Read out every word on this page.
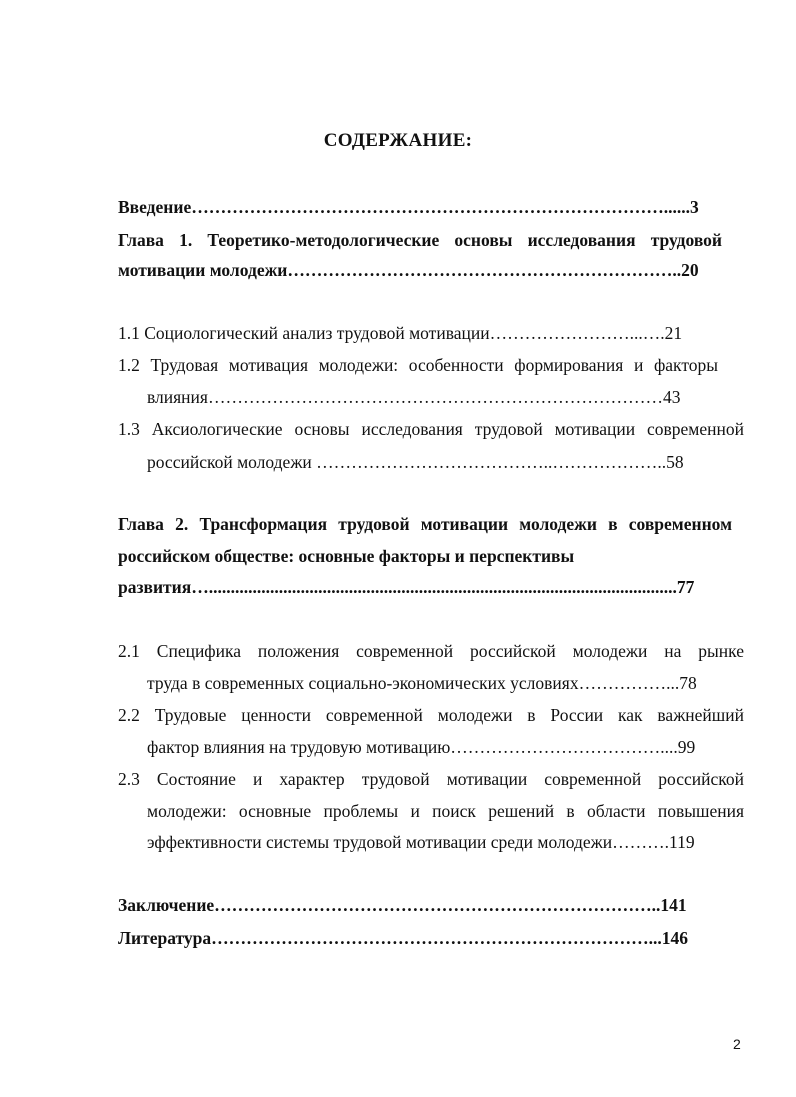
СОДЕРЖАНИЕ:
Введение………………………………………………………………………......3
Глава 1. Теоретико-методологические основы исследования трудовой
мотивации молодежи…………………………………………………………..20
1.1 Социологический анализ трудовой мотивации……………………...….21
1.2 Трудовая мотивация молодежи: особенности формирования и факторы
влияния……………………………………………………………………43
1.3 Аксиологические основы исследования трудовой мотивации современной
российской молодежи …………………………………..………………..58
Глава 2. Трансформация трудовой мотивации молодежи в современном
российском обществе: основные факторы и перспективы
развития…...........................................................................................................77
2.1 Специфика положения современной российской молодежи на рынке
труда в современных социально-экономических условиях……………...78
2.2 Трудовые ценности современной молодежи в России как важнейший
фактор влияния на трудовую мотивацию………………………………....99
2.3 Состояние и характер трудовой мотивации современной российской
молодежи: основные проблемы и поиск решений в области повышения
эффективности системы трудовой мотивации среди молодежи……….119
Заключение…………………………………………………………………..141
Литература…………………………………………………………………...146
2
